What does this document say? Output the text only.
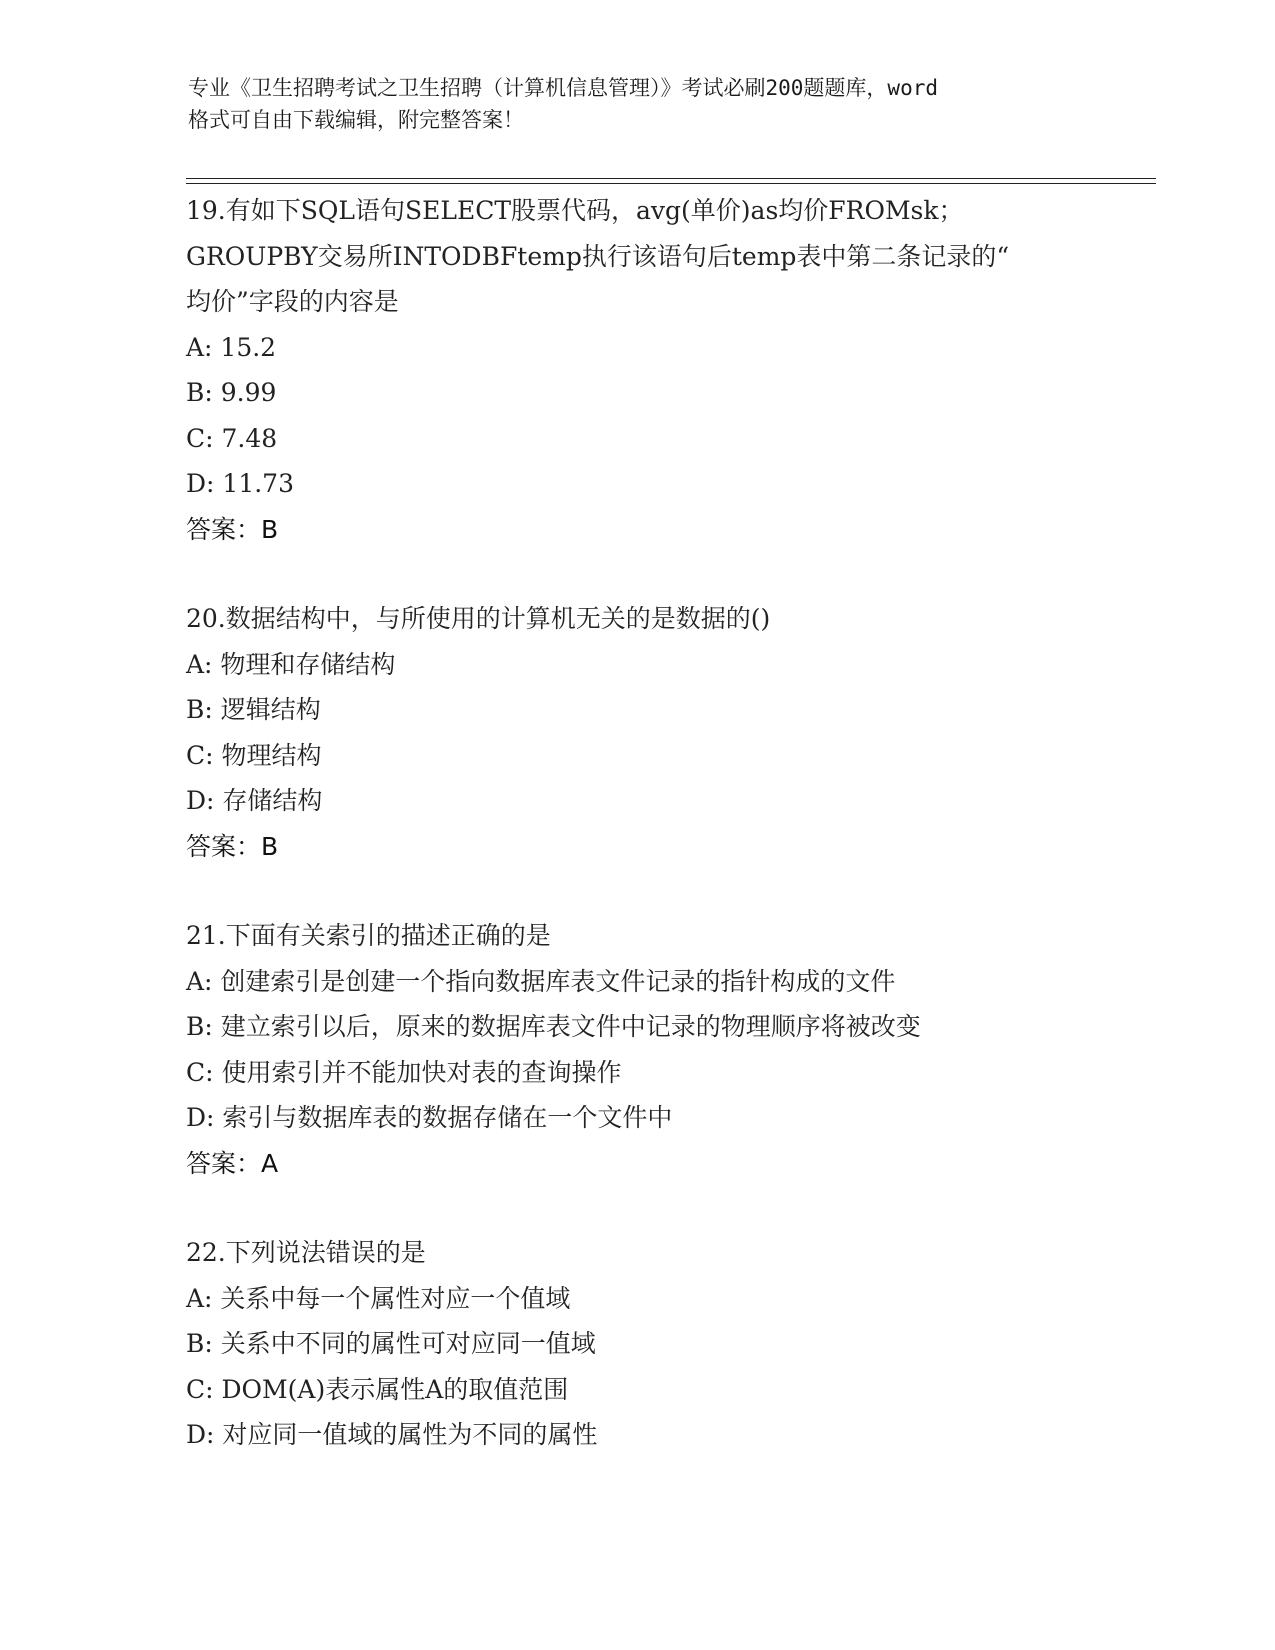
专业《卫生招聘考试之卫生招聘（计算机信息管理）》考试必刷200题题库，word
格式可自由下载编辑，附完整答案！
19.有如下SQL语句SELECT股票代码，avg(单价)as均价FROMsk；
GROUPBY交易所INTODBFtemp执行该语句后temp表中第二条记录的“
均价”字段的内容是
A: 15.2
B: 9.99
C: 7.48
D: 11.73
答案：B
20.数据结构中，与所使用的计算机无关的是数据的()
A: 物理和存储结构
B: 逻辑结构
C: 物理结构
D: 存储结构
答案：B
21.下面有关索引的描述正确的是
A: 创建索引是创建一个指向数据库表文件记录的指针构成的文件
B: 建立索引以后，原来的数据库表文件中记录的物理顺序将被改变
C: 使用索引并不能加快对表的查询操作
D: 索引与数据库表的数据存储在一个文件中
答案：A
22.下列说法错误的是
A: 关系中每一个属性对应一个值域
B: 关系中不同的属性可对应同一值域
C: DOM(A)表示属性A的取值范围
D: 对应同一值域的属性为不同的属性
